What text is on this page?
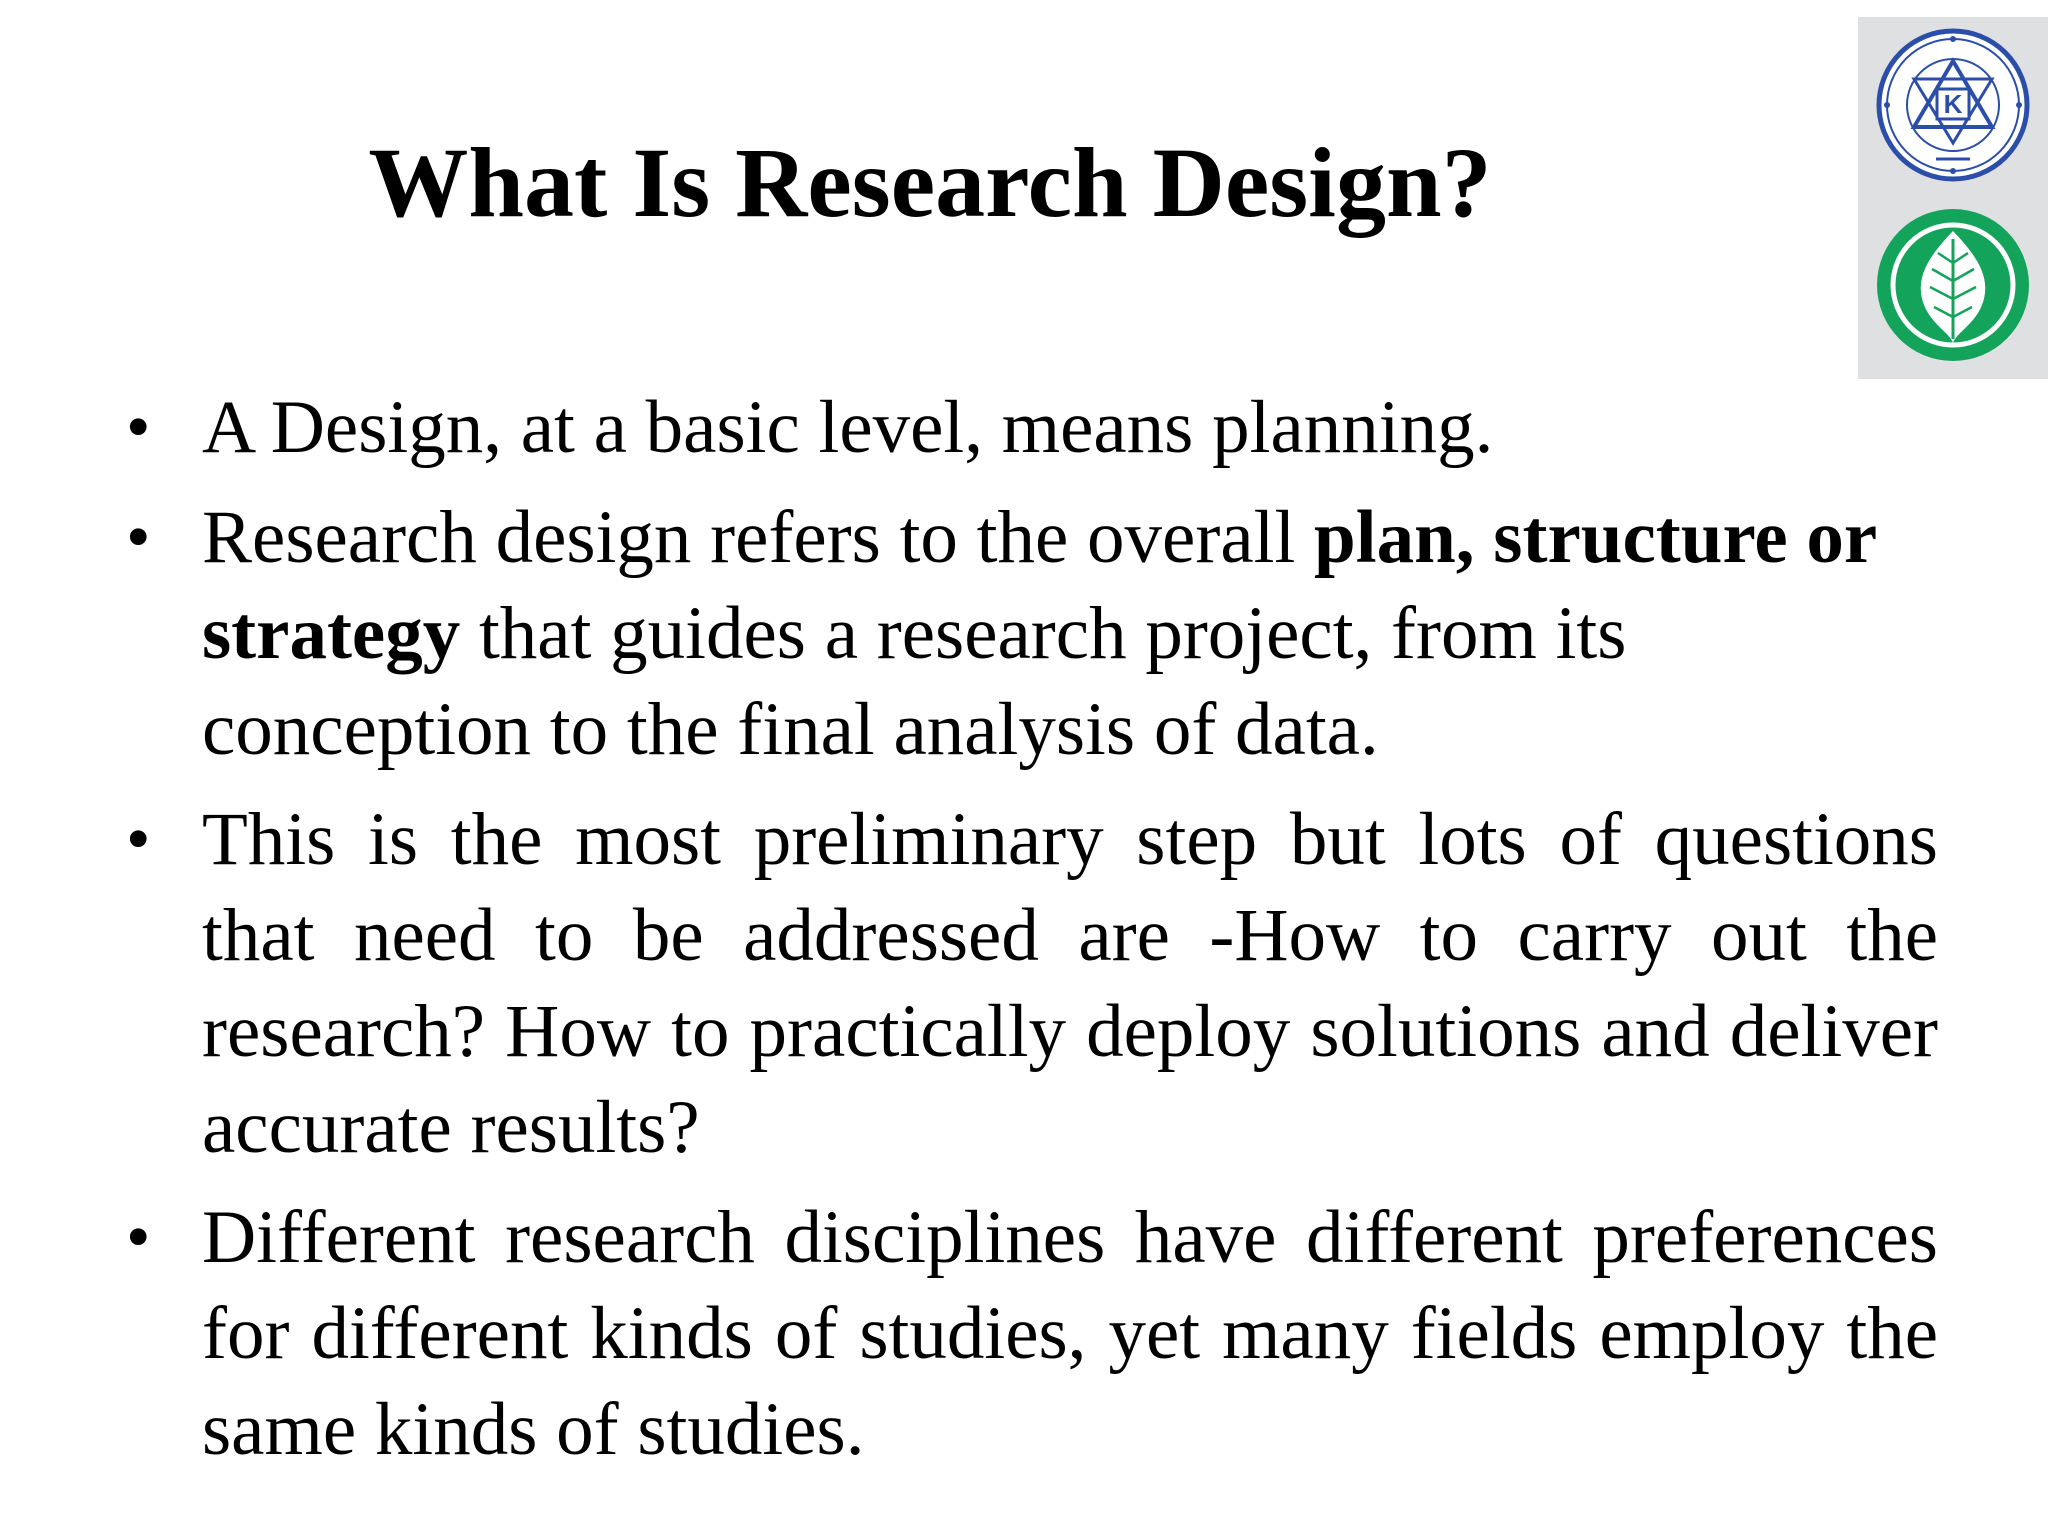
What Is Research Design?
K
• A Design, at a basic level, means planning.
• Research design refers to the overall plan, structure or strategy that guides a research project, from its conception to the final analysis of data.
• This is the most preliminary step but lots of questions that need to be addressed are -How to carry out the research? How to practically deploy solutions and deliver accurate results?
• Different research disciplines have different preferences for different kinds of studies, yet many fields employ the same kinds of studies.
